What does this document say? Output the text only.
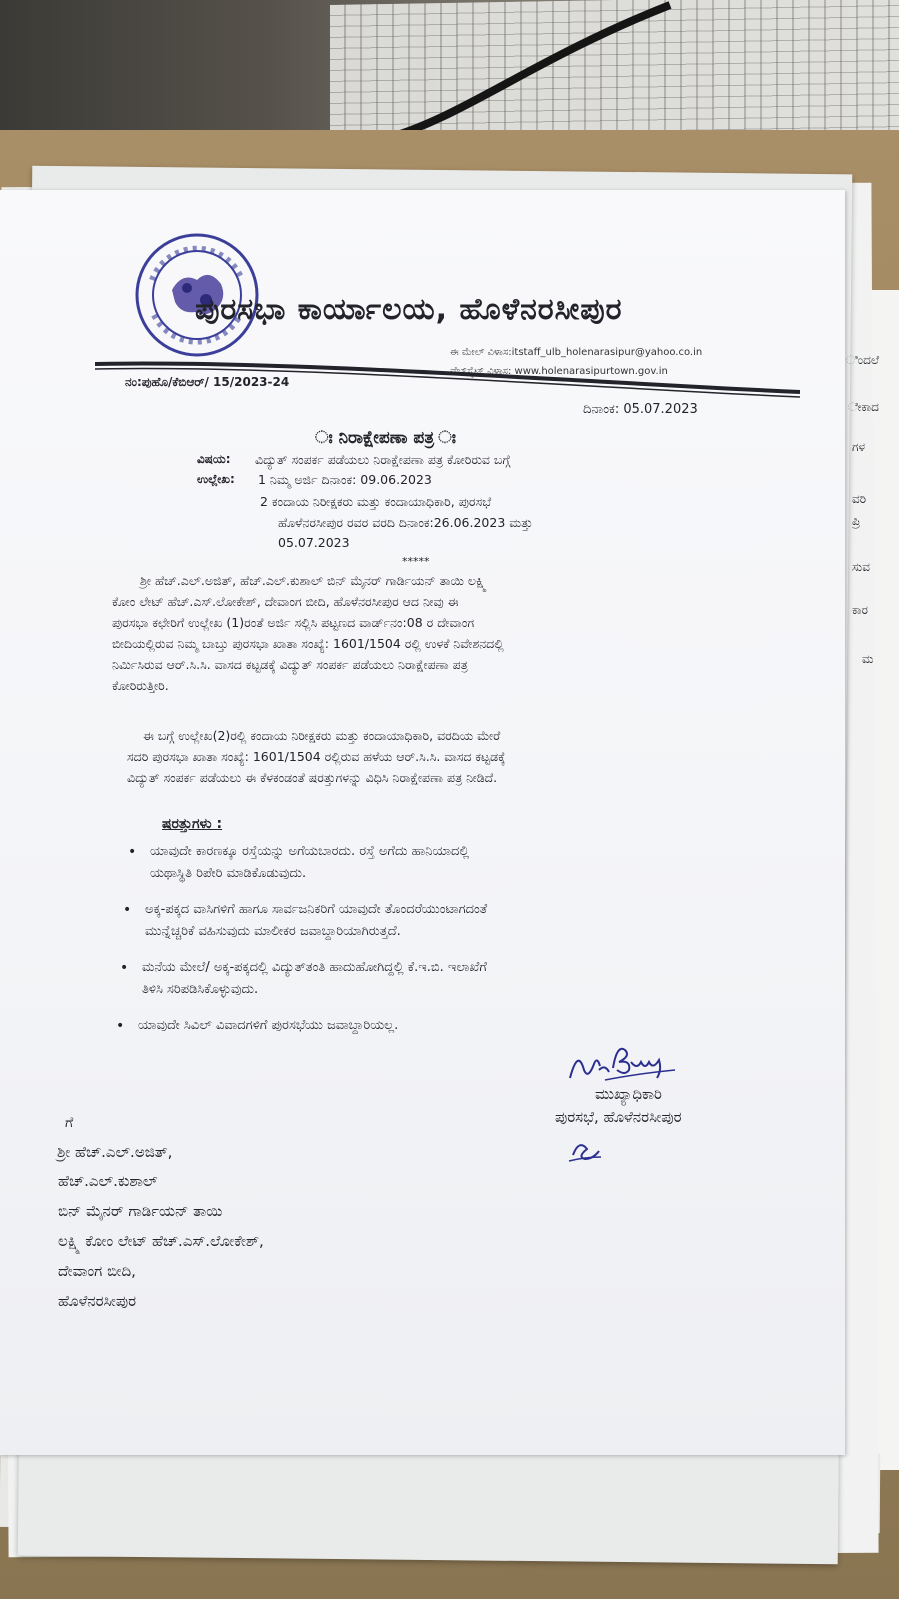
ಿಂದಲೆ
ೇಕಾದ
ಗಳ
ವರಿ
ಪ್ರಿ
ಸುವ
ಕಾರ
ಮ
ಪುರಸಭಾ ಕಾರ್ಯಾಲಯ, ಹೊಳೆನರಸೀಪುರ
ಈ ಮೇಲ್ ವಿಳಾಸ:itstaff_ulb_holenarasipur@yahoo.co.in
ವೆಬ್‌ಸೈಟ್ ವಿಳಾಸ: www.holenarasipurtown.gov.in
ನಂ:ಪುಹೊ/ಕೆಬಿಆರ್/ 15/2023-24
ದಿನಾಂಕ: 05.07.2023
ಃ ನಿರಾಕ್ಷೇಪಣಾ ಪತ್ರ ಃ
ವಿಷಯ: ವಿದ್ಯುತ್ ಸಂಪರ್ಕ ಪಡೆಯಲು ನಿರಾಕ್ಷೇಪಣಾ ಪತ್ರ ಕೋರಿರುವ ಬಗ್ಗೆ
ಉಲ್ಲೇಖ: 1 ನಿಮ್ಮ ಅರ್ಜಿ ದಿನಾಂಕ: 09.06.2023
2 ಕಂದಾಯ ನಿರೀಕ್ಷಕರು ಮತ್ತು ಕಂದಾಯಾಧಿಕಾರಿ, ಪುರಸಭೆ
ಹೊಳೆನರಸೀಪುರ ರವರ ವರದಿ ದಿನಾಂಕ:26.06.2023 ಮತ್ತು
05.07.2023
*****
ಶ್ರೀ ಹೆಚ್.ಎಲ್.ಅಜಿತ್, ಹೆಚ್.ಎಲ್.ಕುಶಾಲ್ ಬಿನ್ ಮೈನರ್ ಗಾರ್ಡಿಯನ್ ತಾಯಿ ಲಕ್ಷ್ಮಿ
ಕೋಂ ಲೇಟ್ ಹೆಚ್.ಎಸ್.ಲೋಕೇಶ್, ದೇವಾಂಗ ಬೀದಿ, ಹೊಳೆನರಸೀಪುರ ಆದ ನೀವು ಈ
ಪುರಸಭಾ ಕಛೇರಿಗೆ ಉಲ್ಲೇಖ (1)ರಂತೆ ಅರ್ಜಿ ಸಲ್ಲಿಸಿ ಪಟ್ಟಣದ ವಾರ್ಡ್‌ನಂ:08 ರ ದೇವಾಂಗ
ಬೀದಿಯಲ್ಲಿರುವ ನಿಮ್ಮ ಬಾಬ್ತು ಪುರಸಭಾ ಖಾತಾ ಸಂಖ್ಯೆ: 1601/1504 ರಲ್ಲಿ ಉಳಕೆ ನಿವೇಶನದಲ್ಲಿ
ನಿರ್ಮಿಸಿರುವ ಆರ್.ಸಿ.ಸಿ. ವಾಸದ ಕಟ್ಟಡಕ್ಕೆ ವಿದ್ಯುತ್ ಸಂಪರ್ಕ ಪಡೆಯಲು ನಿರಾಕ್ಷೇಪಣಾ ಪತ್ರ
ಕೋರಿರುತ್ತೀರಿ.
ಈ ಬಗ್ಗೆ ಉಲ್ಲೇಖ(2)ರಲ್ಲಿ ಕಂದಾಯ ನಿರೀಕ್ಷಕರು ಮತ್ತು ಕಂದಾಯಾಧಿಕಾರಿ, ವರದಿಯ ಮೇರೆ
ಸದರಿ ಪುರಸಭಾ ಖಾತಾ ಸಂಖ್ಯೆ: 1601/1504 ರಲ್ಲಿರುವ ಹಳೆಯ ಆರ್.ಸಿ.ಸಿ. ವಾಸದ ಕಟ್ಟಡಕ್ಕೆ
ವಿದ್ಯುತ್ ಸಂಪರ್ಕ ಪಡೆಯಲು ಈ ಕೆಳಕಂಡಂತೆ ಷರತ್ತುಗಳನ್ನು ವಿಧಿಸಿ ನಿರಾಕ್ಷೇಪಣಾ ಪತ್ರ ನೀಡಿದೆ.
ಷರತ್ತುಗಳು :
• ಯಾವುದೇ ಕಾರಣಕ್ಕೂ ರಸ್ತೆಯನ್ನು ಅಗೆಯಬಾರದು. ರಸ್ತೆ ಅಗೆದು ಹಾನಿಯಾದಲ್ಲಿ
ಯಥಾಸ್ಥಿತಿ ರಿಪೇರಿ ಮಾಡಿಕೊಡುವುದು.
• ಅಕ್ಕ-ಪಕ್ಕದ ವಾಸಿಗಳಿಗೆ ಹಾಗೂ ಸಾರ್ವಜನಿಕರಿಗೆ ಯಾವುದೇ ತೊಂದರೆಯುಂಟಾಗದಂತೆ
ಮುನ್ನೆಚ್ಚರಿಕೆ ವಹಿಸುವುದು ಮಾಲೀಕರ ಜವಾಬ್ದಾರಿಯಾಗಿರುತ್ತದೆ.
• ಮನೆಯ ಮೇಲೆ/ ಅಕ್ಕ-ಪಕ್ಕದಲ್ಲಿ ವಿದ್ಯುತ್‌ತಂತಿ ಹಾದುಹೋಗಿದ್ದಲ್ಲಿ ಕೆ.ಇ.ಬಿ. ಇಲಾಖೆಗೆ
ತಿಳಿಸಿ ಸರಿಪಡಿಸಿಕೊಳ್ಳುವುದು.
• ಯಾವುದೇ ಸಿವಿಲ್ ವಿವಾದಗಳಿಗೆ ಪುರಸಭೆಯು ಜವಾಬ್ದಾರಿಯಲ್ಲ.
ಮುಖ್ಯಾಧಿಕಾರಿ
ಪುರಸಭೆ, ಹೊಳೆನರಸೀಪುರ
ಗೆ
ಶ್ರೀ ಹೆಚ್.ಎಲ್.ಅಜಿತ್,
ಹೆಚ್.ಎಲ್.ಕುಶಾಲ್
ಬಿನ್ ಮೈನರ್ ಗಾರ್ಡಿಯನ್ ತಾಯಿ
ಲಕ್ಷ್ಮಿ ಕೋಂ ಲೇಟ್ ಹೆಚ್.ಎಸ್.ಲೋಕೇಶ್,
ದೇವಾಂಗ ಬೀದಿ,
ಹೊಳೆನರಸೀಪುರ
